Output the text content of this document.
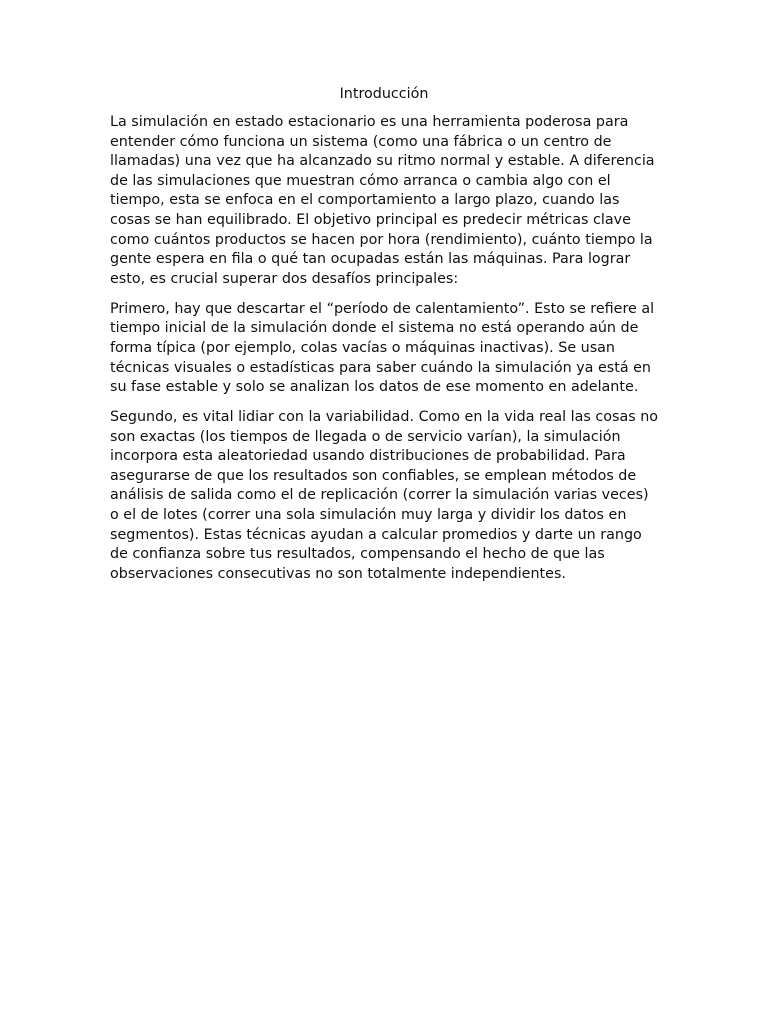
Introducción

La simulación en estado estacionario es una herramienta poderosa para entender cómo funciona un sistema (como una fábrica o un centro de llamadas) una vez que ha alcanzado su ritmo normal y estable. A diferencia de las simulaciones que muestran cómo arranca o cambia algo con el tiempo, esta se enfoca en el comportamiento a largo plazo, cuando las cosas se han equilibrado. El objetivo principal es predecir métricas clave como cuántos productos se hacen por hora (rendimiento), cuánto tiempo la gente espera en fila o qué tan ocupadas están las máquinas. Para lograr esto, es crucial superar dos desafíos principales:

Primero, hay que descartar el “período de calentamiento”. Esto se refiere al tiempo inicial de la simulación donde el sistema no está operando aún de forma típica (por ejemplo, colas vacías o máquinas inactivas). Se usan técnicas visuales o estadísticas para saber cuándo la simulación ya está en su fase estable y solo se analizan los datos de ese momento en adelante.

Segundo, es vital lidiar con la variabilidad. Como en la vida real las cosas no son exactas (los tiempos de llegada o de servicio varían), la simulación incorpora esta aleatoriedad usando distribuciones de probabilidad. Para asegurarse de que los resultados son confiables, se emplean métodos de análisis de salida como el de replicación (correr la simulación varias veces) o el de lotes (correr una sola simulación muy larga y dividir los datos en segmentos). Estas técnicas ayudan a calcular promedios y darte un rango de confianza sobre tus resultados, compensando el hecho de que las observaciones consecutivas no son totalmente independientes.
